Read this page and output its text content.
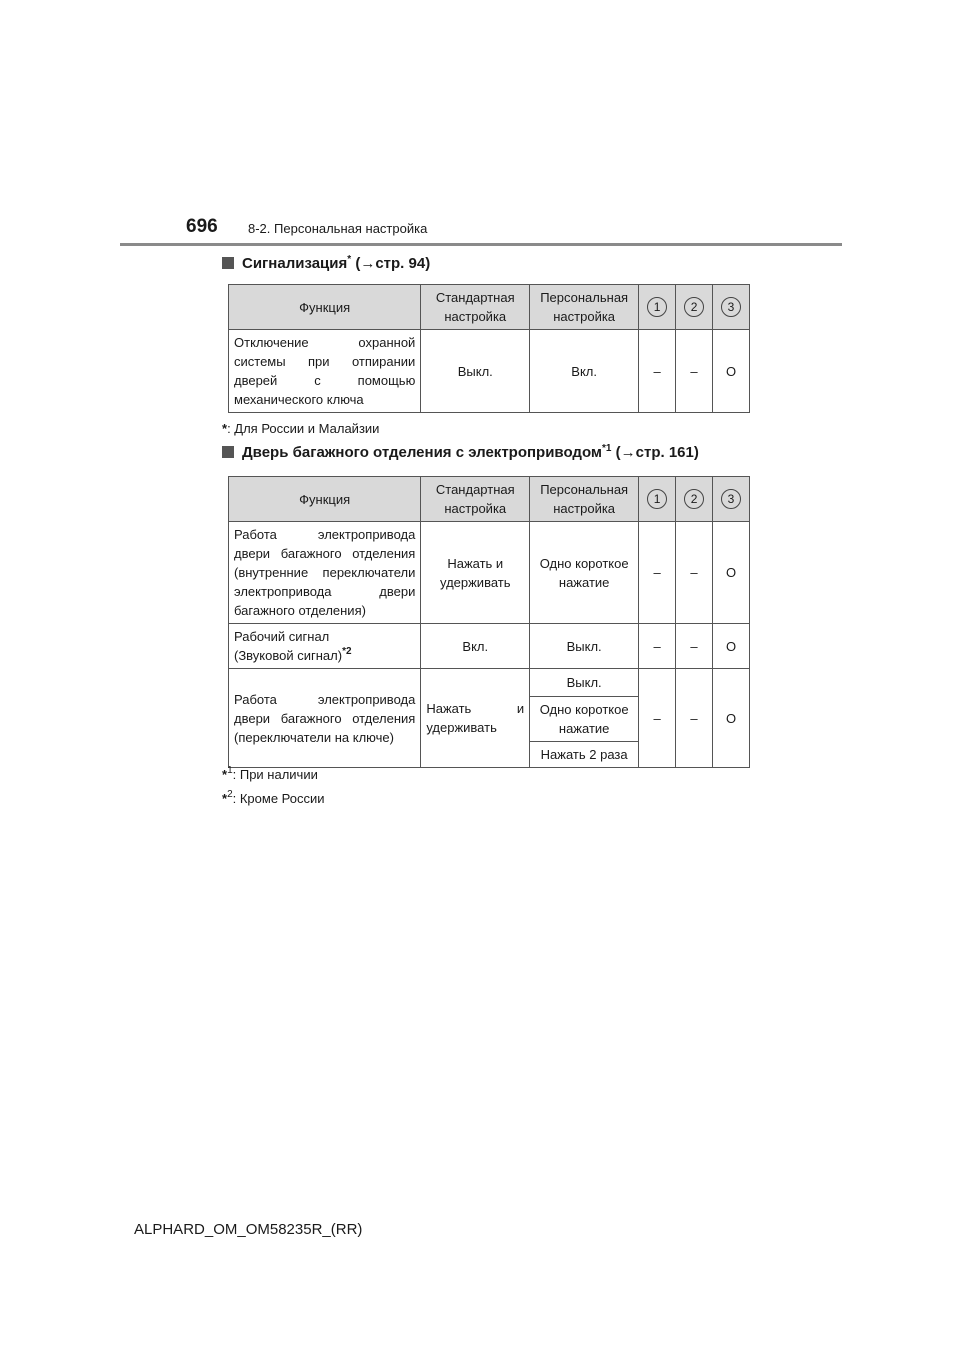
696 8-2. Персональная настройка
Сигнализация* (→стр. 94)
Функция	Стандартная настройка	Персональная настройка	1	2	3
Отключение охранной системы при отпирании дверей с помощью механического ключа	Выкл.	Вкл.	–	–	O
*: Для России и Малайзии
Дверь багажного отделения с электроприводом$^{*1}$ (→стр. 161)
Функция	Стандартная настройка	Персональная настройка	1	2	3
Работа электропривода двери багажного отделения (внутренние переключатели электропривода двери багажного отделения)	Нажать и удерживать	Одно короткое нажатие	–	–	O
Рабочий сигнал
(Звуковой сигнал)$^{*2}$	Вкл.	Выкл.	–	–	O
Работа электропривода двери багажного отделения (переключатели на ключе)	Нажать и удерживать	Выкл.	–	–	O
		Одно короткое нажатие			
		Нажать 2 раза			
*$^1$: При наличии
*$^2$: Кроме России
ALPHARD_OM_OM58235R_(RR)
